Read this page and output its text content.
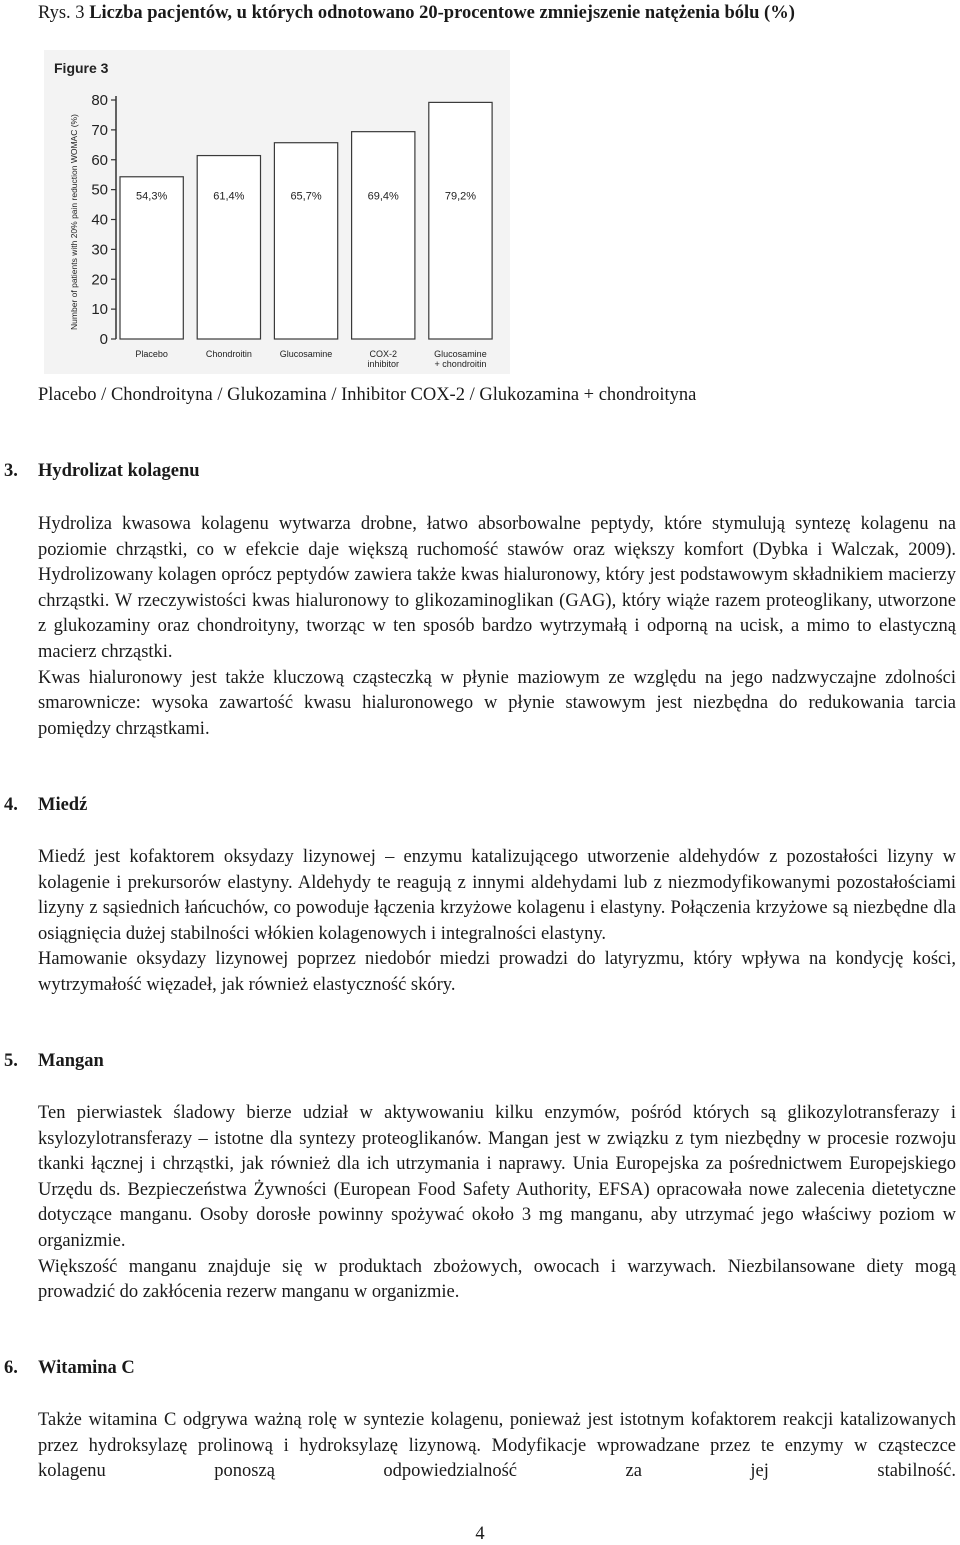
Rys. 3 Liczba pacjentów, u których odnotowano 20-procentowe zmniejszenie natężenia bólu (%)
Figure 3
Number of patients with 20% pain reduction WOMAC (%)
0
10
20
30
40
50
60
70
80
54,3%	61,4%	65,7%	69,4%	79,2%
Placebo	Chondroitin	Glucosamine	COX-2
inhibitor
Glucosamine
+ chondroitin
Placebo / Chondroityna / Glukozamina / Inhibitor COX-2 / Glukozamina + chondroityna
3. Hydrolizat kolagenu

Hydroliza kwasowa kolagenu wytwarza drobne, łatwo absorbowalne peptydy, które stymulują syntezę kolagenu na poziomie chrząstki, co w efekcie daje większą ruchomość stawów oraz większy komfort (Dybka i Walczak, 2009). Hydrolizowany kolagen oprócz peptydów zawiera także kwas hialuronowy, który jest podstawowym składnikiem macierzy chrząstki. W rzeczywistości kwas hialuronowy to glikozaminoglikan (GAG), który wiąże razem proteoglikany, utworzone z glukozaminy oraz chondroityny, tworząc w ten sposób bardzo wytrzymałą i odporną na ucisk, a mimo to elastyczną macierz chrząstki.

Kwas hialuronowy jest także kluczową cząsteczką w płynie maziowym ze względu na jego nadzwyczajne zdolności smarownicze: wysoka zawartość kwasu hialuronowego w płynie stawowym jest niezbędna do redukowania tarcia pomiędzy chrząstkami.

4. Miedź

Miedź jest kofaktorem oksydazy lizynowej – enzymu katalizującego utworzenie aldehydów z pozostałości lizyny w kolagenie i prekursorów elastyny. Aldehydy te reagują z innymi aldehydami lub z niezmodyfikowanymi pozostałościami lizyny z sąsiednich łańcuchów, co powoduje łączenia krzyżowe kolagenu i elastyny. Połączenia krzyżowe są niezbędne dla osiągnięcia dużej stabilności włókien kolagenowych i integralności elastyny.

Hamowanie oksydazy lizynowej poprzez niedobór miedzi prowadzi do latyryzmu, który wpływa na kondycję kości, wytrzymałość więzadeł, jak również elastyczność skóry.

5. Mangan

Ten pierwiastek śladowy bierze udział w aktywowaniu kilku enzymów, pośród których są glikozylotransferazy i ksylozylotransferazy – istotne dla syntezy proteoglikanów. Mangan jest w związku z tym niezbędny w procesie rozwoju tkanki łącznej i chrząstki, jak również dla ich utrzymania i naprawy. Unia Europejska za pośrednictwem Europejskiego Urzędu ds. Bezpieczeństwa Żywności (European Food Safety Authority, EFSA) opracowała nowe zalecenia dietetyczne dotyczące manganu. Osoby dorosłe powinny spożywać około 3 mg manganu, aby utrzymać jego właściwy poziom w organizmie.

Większość manganu znajduje się w produktach zbożowych, owocach i warzywach. Niezbilansowane diety mogą prowadzić do zakłócenia rezerw manganu w organizmie.

6. Witamina C

Także witamina C odgrywa ważną rolę w syntezie kolagenu, ponieważ jest istotnym kofaktorem reakcji katalizowanych przez hydroksylazę prolinową i hydroksylazę lizynową. Modyfikacje wprowadzane przez te enzymy w cząsteczce kolagenu ponoszą odpowiedzialność za jej stabilność.

4
